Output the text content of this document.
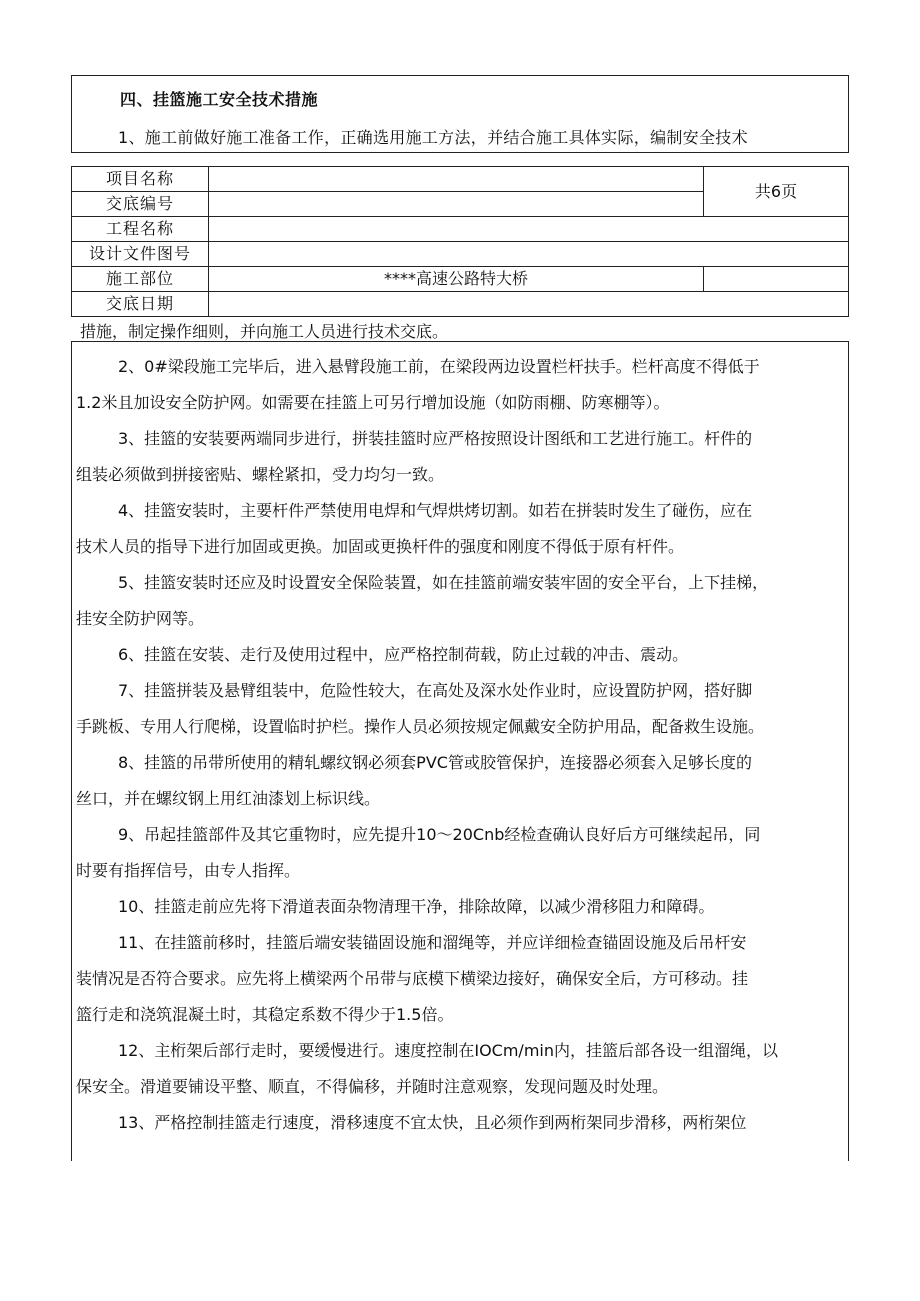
四、挂篮施工安全技术措施
1、施工前做好施工准备工作，正确选用施工方法，并结合施工具体实际，编制安全技术
项目名称		共6页
交底编号		
工程名称		
设计文件图号		
施工部位	****高速公路特大桥	
交底日期		
措施，制定操作细则，并向施工人员进行技术交底。

2、0#梁段施工完毕后，进入悬臂段施工前，在梁段两边设置栏杆扶手。栏杆高度不得低于
1.2米且加设安全防护网。如需要在挂篮上可另行增加设施（如防雨棚、防寒棚等）。

3、挂篮的安装要两端同步进行，拼装挂篮时应严格按照设计图纸和工艺进行施工。杆件的
组装必须做到拼接密贴、螺栓紧扣，受力均匀一致。

4、挂篮安装时，主要杆件严禁使用电焊和气焊烘烤切割。如若在拼装时发生了碰伤，应在
技术人员的指导下进行加固或更换。加固或更换杆件的强度和刚度不得低于原有杆件。

5、挂篮安装时还应及时设置安全保险装置，如在挂篮前端安装牢固的安全平台，上下挂梯，
挂安全防护网等。

6、挂篮在安装、走行及使用过程中，应严格控制荷载，防止过载的冲击、震动。

7、挂篮拼装及悬臂组装中，危险性较大，在高处及深水处作业时，应设置防护网，搭好脚
手跳板、专用人行爬梯，设置临时护栏。操作人员必须按规定佩戴安全防护用品，配备救生设施。

8、挂篮的吊带所使用的精轧螺纹钢必须套PVC管或胶管保护，连接器必须套入足够长度的
丝口，并在螺纹钢上用红油漆划上标识线。

9、吊起挂篮部件及其它重物时，应先提升10～20Cnb经检查确认良好后方可继续起吊，同
时要有指挥信号，由专人指挥。

10、挂篮走前应先将下滑道表面杂物清理干净，排除故障，以减少滑移阻力和障碍。

11、在挂篮前移时，挂篮后端安装锚固设施和溜绳等，并应详细检查锚固设施及后吊杆安
装情况是否符合要求。应先将上横梁两个吊带与底模下横梁边接好，确保安全后，方可移动。挂
篮行走和浇筑混凝土时，其稳定系数不得少于1.5倍。

12、主桁架后部行走时，要缓慢进行。速度控制在IOCm∕min内，挂篮后部各设一组溜绳，以
保安全。滑道要铺设平整、顺直，不得偏移，并随时注意观察，发现问题及时处理。

13、严格控制挂篮走行速度，滑移速度不宜太快，且必须作到两桁架同步滑移，两桁架位
